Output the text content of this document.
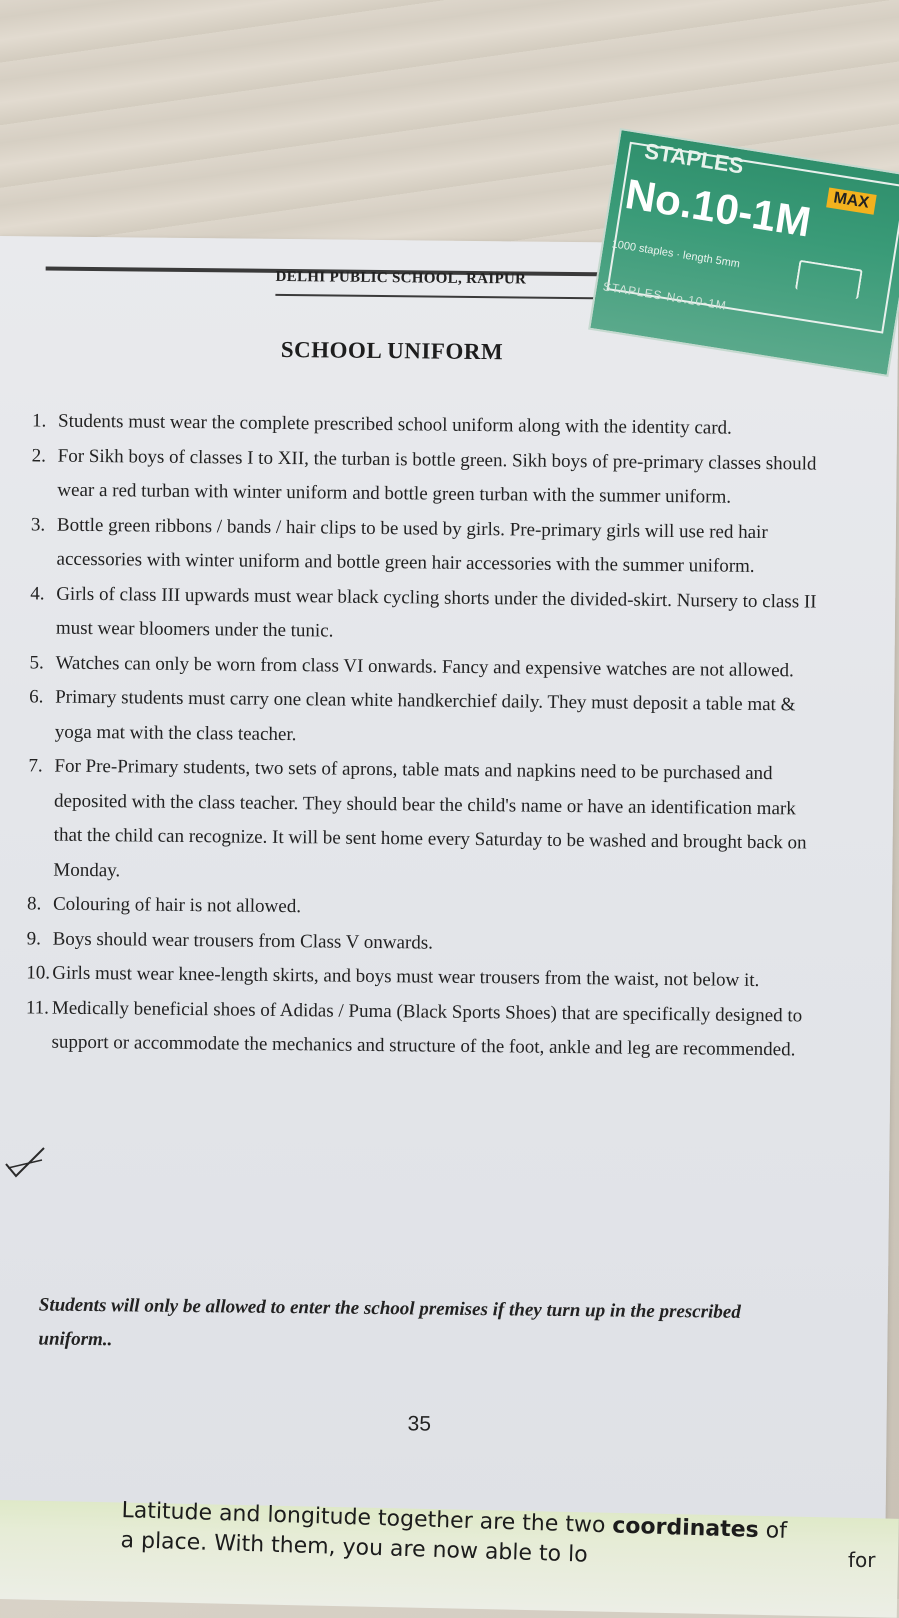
DELHI PUBLIC SCHOOL, RAIPUR
SCHOOL UNIFORM
1. Students must wear the complete prescribed school uniform along with the identity card.
2. For Sikh boys of classes I to XII, the turban is bottle green. Sikh boys of pre-primary classes should wear a red turban with winter uniform and bottle green turban with the summer uniform.
3. Bottle green ribbons / bands / hair clips to be used by girls. Pre-primary girls will use red hair accessories with winter uniform and bottle green hair accessories with the summer uniform.
4. Girls of class III upwards must wear black cycling shorts under the divided-skirt. Nursery to class II must wear bloomers under the tunic.
5. Watches can only be worn from class VI onwards. Fancy and expensive watches are not allowed.
6. Primary students must carry one clean white handkerchief daily. They must deposit a table mat & yoga mat with the class teacher.
7. For Pre-Primary students, two sets of aprons, table mats and napkins need to be purchased and deposited with the class teacher. They should bear the child's name or have an identification mark that the child can recognize. It will be sent home every Saturday to be washed and brought back on Monday.
8. Colouring of hair is not allowed.
9. Boys should wear trousers from Class V onwards.
10. Girls must wear knee-length skirts, and boys must wear trousers from the waist, not below it.
11. Medically beneficial shoes of Adidas / Puma (Black Sports Shoes) that are specifically designed to support or accommodate the mechanics and structure of the foot, ankle and leg are recommended.
Students will only be allowed to enter the school premises if they turn up in the prescribed uniform..
35
STAPLES
No.10-1M	MAX
1000 staples · length 5mm
STAPLES No.10-1M
Latitude and longitude together are the two coordinates of
a place. With them, you are now able to lo	for
